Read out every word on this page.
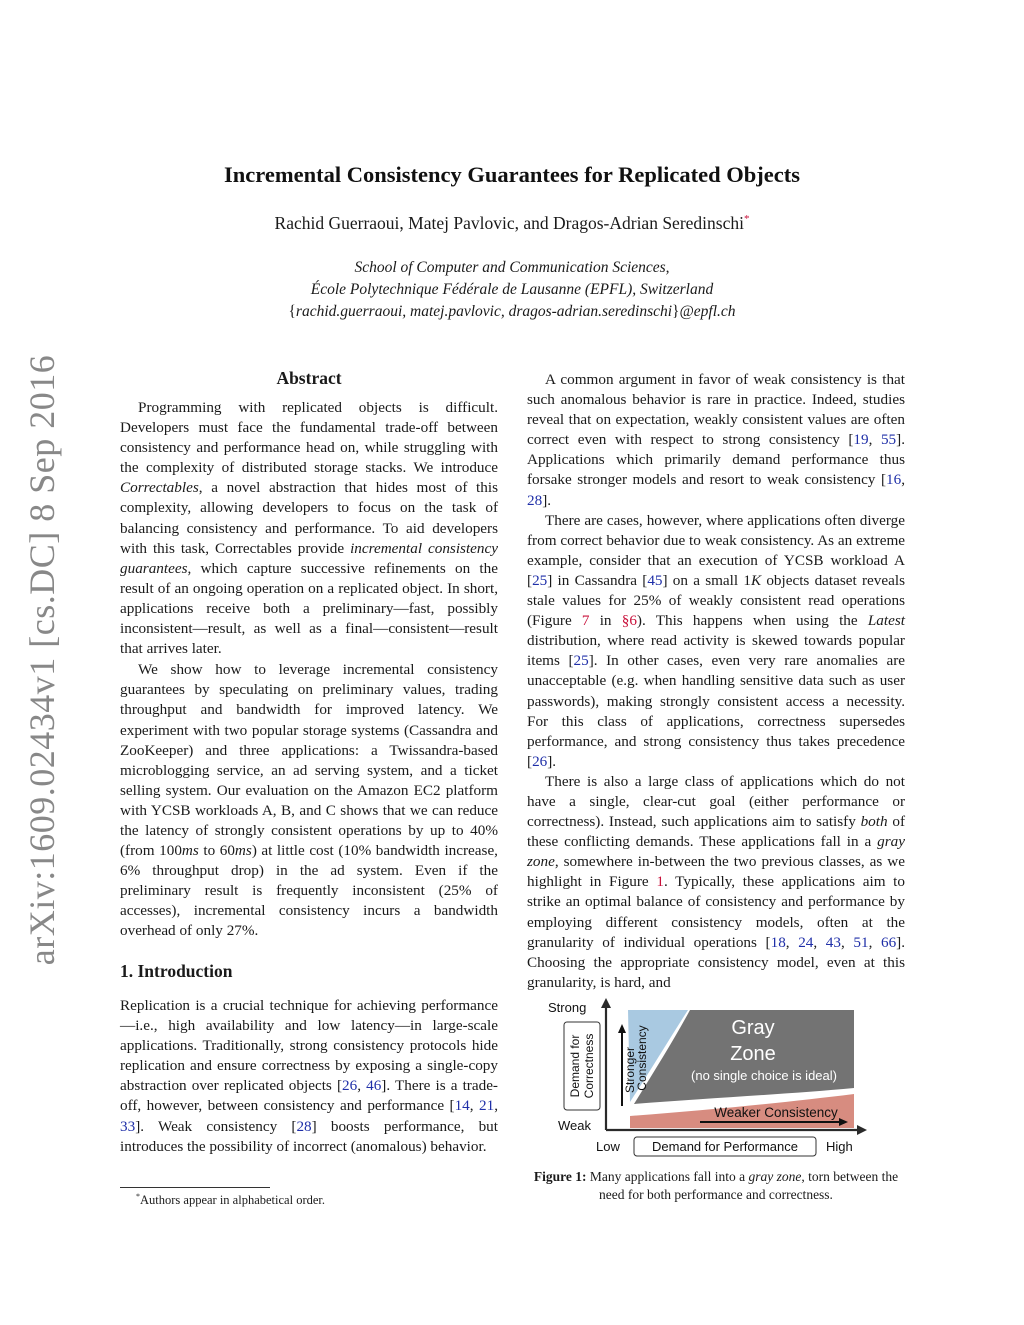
arXiv:1609.02434v1 [cs.DC] 8 Sep 2016
Incremental Consistency Guarantees for Replicated Objects
Rachid Guerraoui, Matej Pavlovic, and Dragos-Adrian Seredinschi*
School of Computer and Communication Sciences,
École Polytechnique Fédérale de Lausanne (EPFL), Switzerland
{rachid.guerraoui, matej.pavlovic, dragos-adrian.seredinschi}@epfl.ch
Abstract

Programming with replicated objects is difficult. Developers must face the fundamental trade-off between consistency and performance head on, while struggling with the complexity of distributed storage stacks. We introduce Correctables, a novel abstraction that hides most of this complexity, allowing developers to focus on the task of balancing consistency and performance. To aid developers with this task, Correctables provide incremental consistency guarantees, which capture successive refinements on the result of an ongoing operation on a replicated object. In short, applications receive both a preliminary—fast, possibly inconsistent—result, as well as a final—consistent—result that arrives later.

We show how to leverage incremental consistency guarantees by speculating on preliminary values, trading throughput and bandwidth for improved latency. We experiment with two popular storage systems (Cassandra and ZooKeeper) and three applications: a Twissandra-based microblogging service, an ad serving system, and a ticket selling system. Our evaluation on the Amazon EC2 platform with YCSB workloads A, B, and C shows that we can reduce the latency of strongly consistent operations by up to 40% (from 100ms to 60ms) at little cost (10% bandwidth increase, 6% throughput drop) in the ad system. Even if the preliminary result is frequently inconsistent (25% of accesses), incremental consistency incurs a bandwidth overhead of only 27%.

1. Introduction

Replication is a crucial technique for achieving performance—i.e., high availability and low latency—in large-scale applications. Traditionally, strong consistency protocols hide replication and ensure correctness by exposing a single-copy abstraction over replicated objects [26, 46]. There is a trade-off, however, between consistency and performance [14, 21, 33]. Weak consistency [28] boosts performance, but introduces the possibility of incorrect (anomalous) behavior.

*Authors appear in alphabetical order.

A common argument in favor of weak consistency is that such anomalous behavior is rare in practice. Indeed, studies reveal that on expectation, weakly consistent values are often correct even with respect to strong consistency [19, 55]. Applications which primarily demand performance thus forsake stronger models and resort to weak consistency [16, 28].

There are cases, however, where applications often diverge from correct behavior due to weak consistency. As an extreme example, consider that an execution of YCSB workload A [25] in Cassandra [45] on a small 1K objects dataset reveals stale values for 25% of weakly consistent read operations (Figure 7 in §6). This happens when using the Latest distribution, where read activity is skewed towards popular items [25]. In other cases, even very rare anomalies are unacceptable (e.g. when handling sensitive data such as user passwords), making strongly consistent access a necessity. For this class of applications, correctness supersedes performance, and strong consistency thus takes precedence [26].

There is also a large class of applications which do not have a single, clear-cut goal (either performance or correctness). Instead, such applications aim to satisfy both of these conflicting demands. These applications fall in a gray zone, somewhere in-between the two previous classes, as we highlight in Figure 1. Typically, these applications aim to strike an optimal balance of consistency and performance by employing different consistency models, often at the granularity of individual operations [18, 24, 43, 51, 66]. Choosing the appropriate consistency model, even at this granularity, is hard, and

Strong
Weak
Low	High
Demand for Performance
Demand for Correctness Stronger
Consistency	Gray
Zone
(no single choice is ideal)
Weaker Consistency
Figure 1: Many applications fall into a gray zone, torn between the need for both performance and correctness.
